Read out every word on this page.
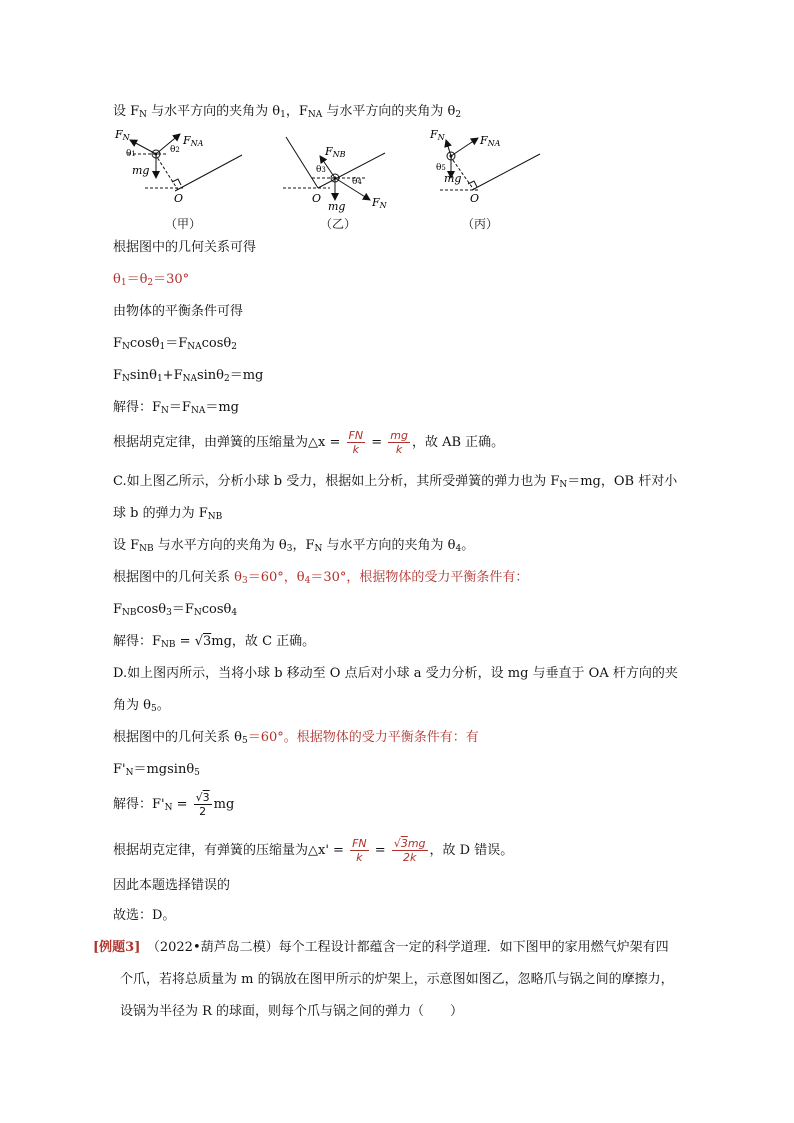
设 $F_N$ 与水平方向的夹角为 $\theta_1$，$F_{NA}$ 与水平方向的夹角为 $\theta_2$
FN	FNA
θ1	θ2
mg
O
FNB
θ3
θ4
FN
mg
O
FN	FNA
θ5
mg
O
（甲）	（乙）	（丙）
根据图中的几何关系可得
$\theta_1=\theta_2=30^\circ$
由物体的平衡条件可得
$F_N\cos\theta_1=F_{NA}\cos\theta_2$
$F_N\sin\theta_1+F_{NA}\sin\theta_2=mg$
解得：$F_N=F_{NA}=mg$
根据胡克定律，由弹簧的压缩量为△x = $\frac{FN}{k} = \frac{mg}{k}$ ，故 AB 正确。
C.如上图乙所示，分析小球 b 受力，根据如上分析，其所受弹簧的弹力也为 $F_N=mg$，OB 杆对小
球 b 的弹力为 $F_{NB}$
设 $F_{NB}$ 与水平方向的夹角为 $\theta_3$，$F_N$ 与水平方向的夹角为 $\theta_4$。
根据图中的几何关系 $\theta_3=60^\circ$，$\theta_4=30^\circ$，根据物体的受力平衡条件有：
$F_{NB}\cos\theta_3=F_N\cos\theta_4$
解得：$F_{NB} = √3mg$，故 C 正确。
D.如上图丙所示，当将小球 b 移动至 O 点后对小球 a 受力分析，设 mg 与垂直于 OA 杆方向的夹
角为 $\theta_5$。
根据图中的几何关系 $\theta_5=60^\circ$。根据物体的受力平衡条件有：有
$F'_N=mgsin\theta_5$
解得：$F'_N = \frac{√3}{2}$ mg
根据胡克定律，有弹簧的压缩量为△x' = $\frac{FN}{k} = \frac{√3mg}{2k}$ ，故 D 错误。
因此本题选择错误的
故选：D。
[例题3]　（2022•葫芦岛二模）每个工程设计都蕴含一定的科学道理．如下图甲的家用燃气炉架有四
个爪，若将总质量为 m 的锅放在图甲所示的炉架上，示意图如图乙，忽略爪与锅之间的摩擦力，
设锅为半径为 R 的球面，则每个爪与锅之间的弹力（　　）
